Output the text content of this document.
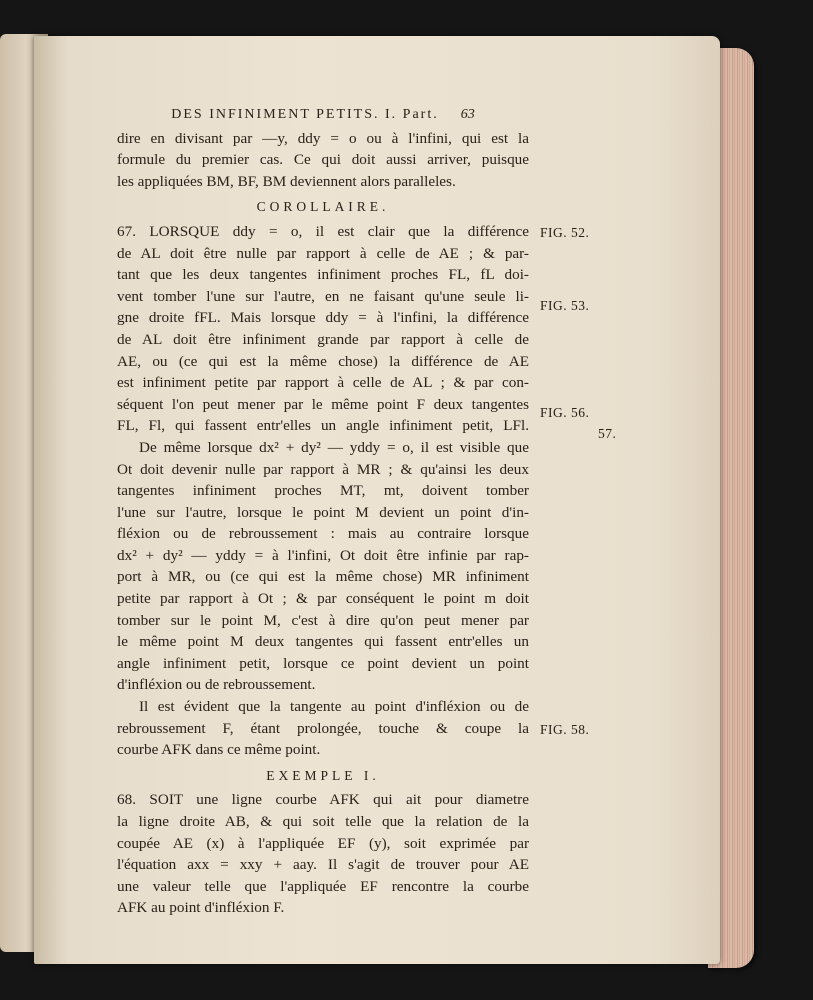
DES INFINIMENT PETITS. I. Part. 63
dire en divisant par —y, ddy = o ou à l'infini, qui est la
formule du premier cas. Ce qui doit aussi arriver, puisque
les appliquées BM, BF, BM deviennent alors paralleles.
COROLLAIRE.
67. LORSQUE ddy = o, il est clair que la différence
de AL doit être nulle par rapport à celle de AE ; & par-
tant que les deux tangentes infiniment proches FL, fL doi-
vent tomber l'une sur l'autre, en ne faisant qu'une seule li-
gne droite fFL. Mais lorsque ddy = à l'infini, la différence
de AL doit être infiniment grande par rapport à celle de
AE, ou (ce qui est la même chose) la différence de AE
est infiniment petite par rapport à celle de AL ; & par con-
séquent l'on peut mener par le même point F deux tangentes
FL, Fl, qui fassent entr'elles un angle infiniment petit, LFl.
De même lorsque dx² + dy² — yddy = o, il est visible que
Ot doit devenir nulle par rapport à MR ; & qu'ainsi les deux
tangentes infiniment proches MT, mt, doivent tomber
l'une sur l'autre, lorsque le point M devient un point d'in-
fléxion ou de rebroussement : mais au contraire lorsque
dx² + dy² — yddy = à l'infini, Ot doit être infinie par rap-
port à MR, ou (ce qui est la même chose) MR infiniment
petite par rapport à Ot ; & par conséquent le point m doit
tomber sur le point M, c'est à dire qu'on peut mener par
le même point M deux tangentes qui fassent entr'elles un
angle infiniment petit, lorsque ce point devient un point
d'infléxion ou de rebroussement.
Il est évident que la tangente au point d'infléxion ou de
rebroussement F, étant prolongée, touche & coupe la
courbe AFK dans ce même point.
EXEMPLE I.
68. SOIT une ligne courbe AFK qui ait pour diametre
la ligne droite AB, & qui soit telle que la relation de la
coupée AE (x) à l'appliquée EF (y), soit exprimée par
l'équation axx = xxy + aay. Il s'agit de trouver pour AE
une valeur telle que l'appliquée EF rencontre la courbe
AFK au point d'infléxion F.
FIG. 52.
FIG. 53.
FIG. 56.
57.
FIG. 58.
